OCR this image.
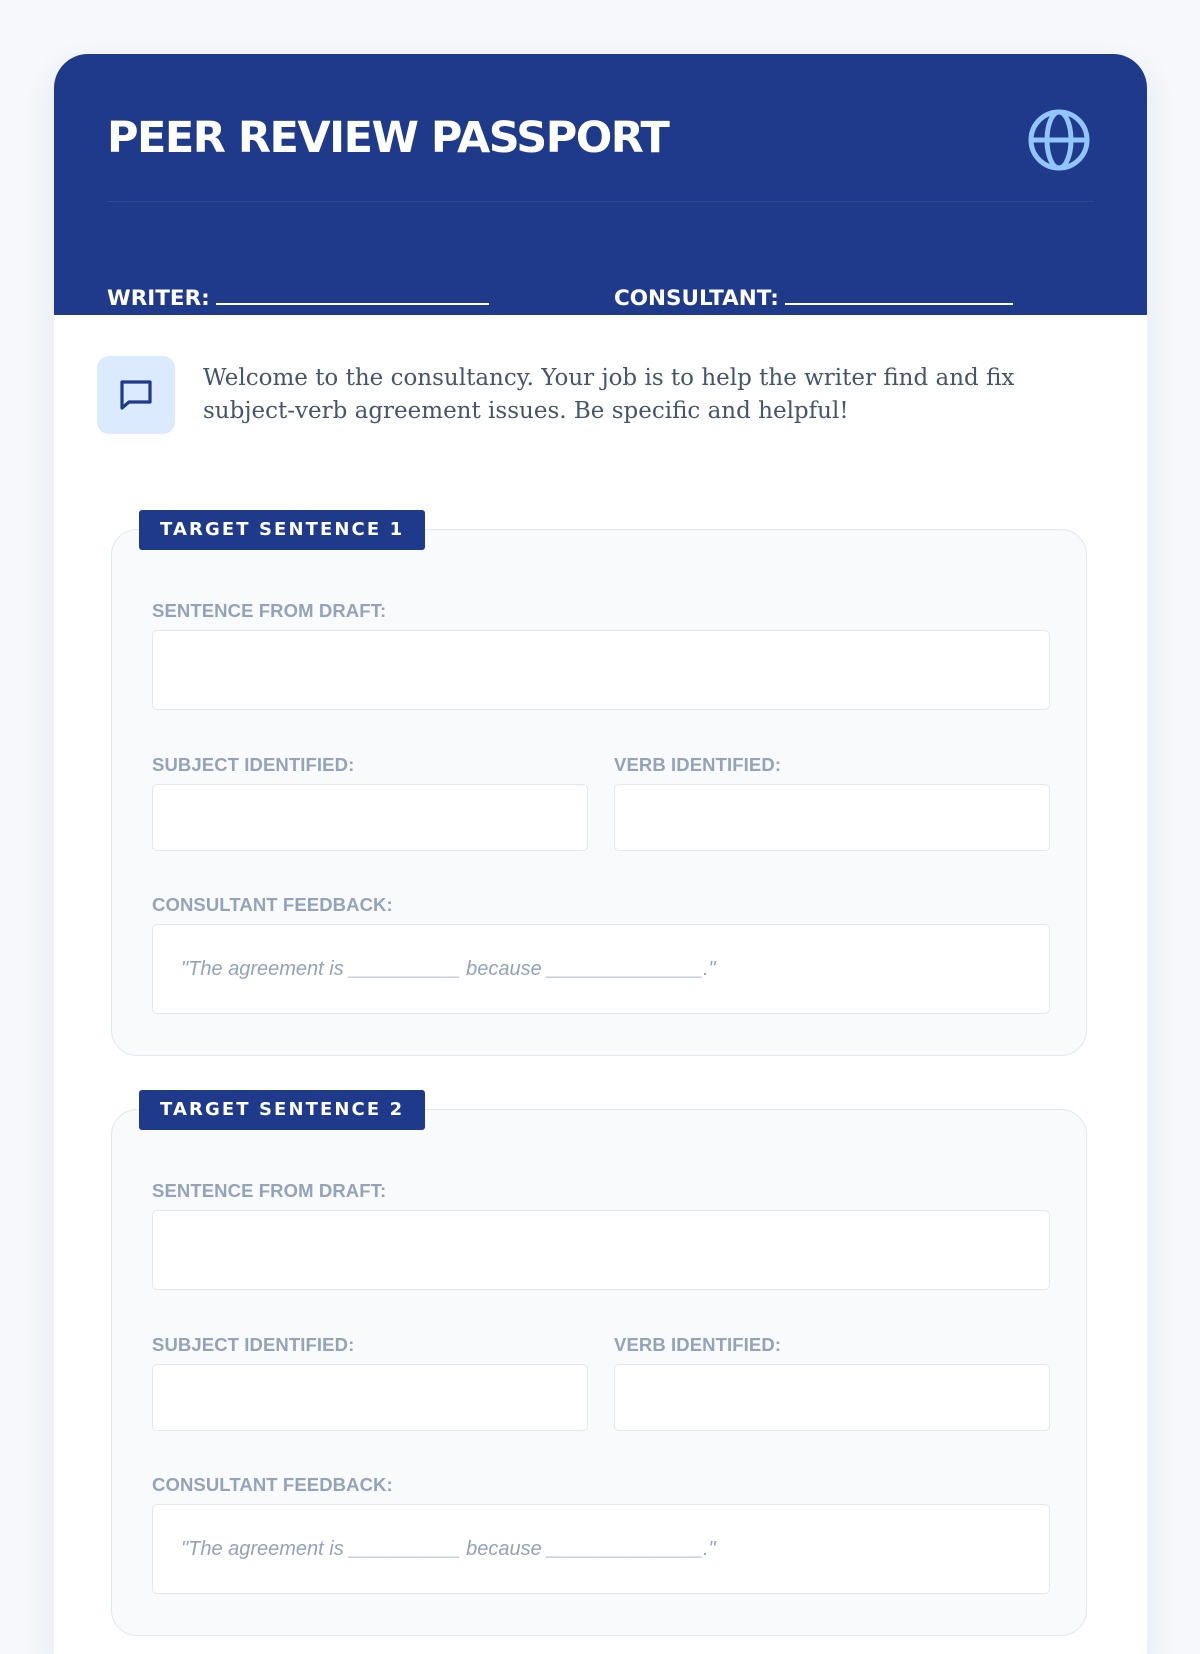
PEER REVIEW PASSPORT
WRITER:	CONSULTANT:

Welcome to the consultancy. Your job is to help the writer find and fix subject-verb agreement issues. Be specific and helpful!

TARGET SENTENCE 1
SENTENCE FROM DRAFT:
SUBJECT IDENTIFIED:	VERB IDENTIFIED:
CONSULTANT FEEDBACK:
"The agreement is __________ because ______________."
TARGET SENTENCE 2
SENTENCE FROM DRAFT:
SUBJECT IDENTIFIED:	VERB IDENTIFIED:
CONSULTANT FEEDBACK:
"The agreement is __________ because ______________."
